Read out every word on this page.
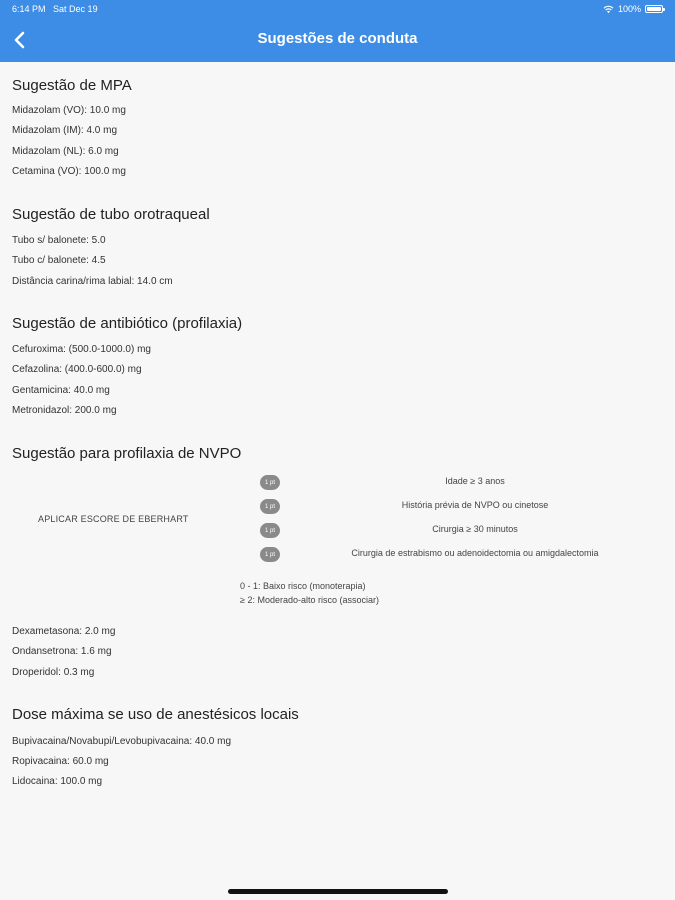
6:14 PM Sat Dec 19	100%
Sugestões de conduta
Sugestão de MPA
Midazolam (VO): 10.0 mg
Midazolam (IM): 4.0 mg
Midazolam (NL): 6.0 mg
Cetamina (VO): 100.0 mg
Sugestão de tubo orotraqueal
Tubo s/ balonete: 5.0
Tubo c/ balonete: 4.5
Distância carina/rima labial: 14.0 cm
Sugestão de antibiótico (profilaxia)
Cefuroxima: (500.0-1000.0) mg
Cefazolina: (400.0-600.0) mg
Gentamicina: 40.0 mg
Metronidazol: 200.0 mg
Sugestão para profilaxia de NVPO
APLICAR ESCORE DE EBERHART
1 pt	Idade ≥ 3 anos
1 pt	História prévia de NVPO ou cinetose
1 pt	Cirurgia ≥ 30 minutos
1 pt	Cirurgia de estrabismo ou adenoidectomia ou amigdalectomia
0 - 1: Baixo risco (monoterapia)
≥ 2: Moderado-alto risco (associar)
Dexametasona: 2.0 mg
Ondansetrona: 1.6 mg
Droperidol: 0.3 mg
Dose máxima se uso de anestésicos locais
Bupivacaina/Novabupi/Levobupivacaina: 40.0 mg
Ropivacaina: 60.0 mg
Lidocaina: 100.0 mg
